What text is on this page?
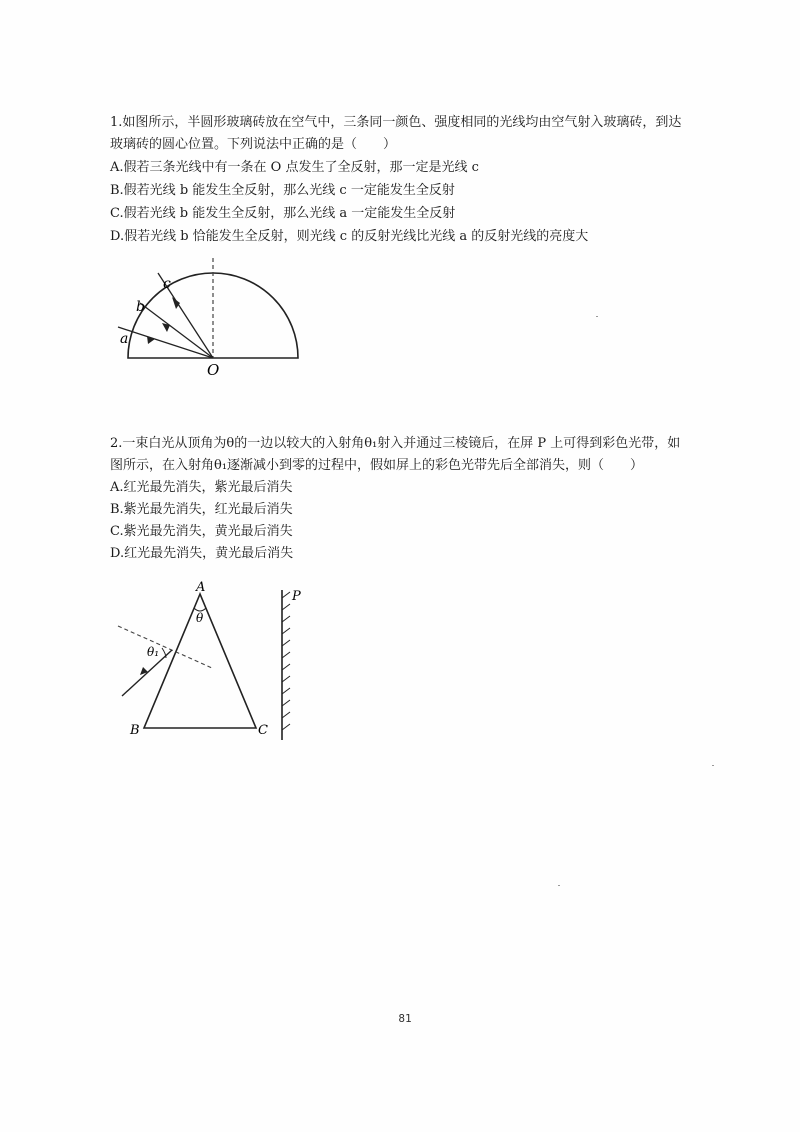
1.如图所示，半圆形玻璃砖放在空气中，三条同一颜色、强度相同的光线均由空气射入玻璃砖，到达
玻璃砖的圆心位置。下列说法中正确的是（　　）
A.假若三条光线中有一条在 O 点发生了全反射，那一定是光线 c
B.假若光线 b 能发生全反射，那么光线 c 一定能发生全反射
C.假若光线 b 能发生全反射，那么光线 a 一定能发生全反射
D.假若光线 b 恰能发生全反射，则光线 c 的反射光线比光线 a 的反射光线的亮度大
c
b
a
O
2.一束白光从顶角为θ的一边以较大的入射角θ₁射入并通过三棱镜后，在屏 P 上可得到彩色光带，如
图所示，在入射角θ₁逐渐减小到零的过程中，假如屏上的彩色光带先后全部消失，则（　　）
A.红光最先消失，紫光最后消失
B.紫光最先消失，红光最后消失
C.紫光最先消失，黄光最后消失
D.红光最先消失，黄光最后消失
A
θ
θ₁
B	C
P
81
